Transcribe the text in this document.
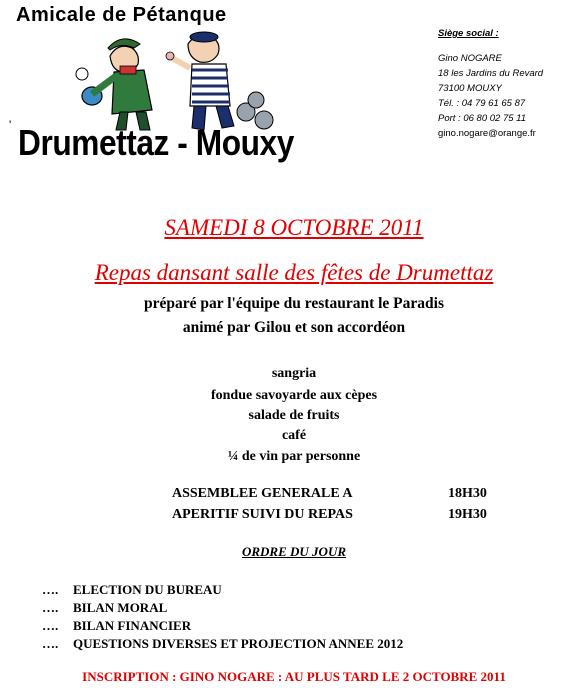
Amicale de Pétanque
' Drumettaz - Mouxy
Siège social :
Gino NOGARE
18 les Jardins du Revard
73100 MOUXY
Tél. : 04 79 61 65 87
Port : 06 80 02 75 11
gino.nogare@orange.fr
SAMEDI 8 OCTOBRE 2011
Repas dansant salle des fêtes de Drumettaz
préparé par l'équipe du restaurant le Paradis
animé par Gilou et son accordéon
sangria
fondue savoyarde aux cèpes
salade de fruits
café
¼ de vin par personne
ASSEMBLEE GENERALE A	18H30
APERITIF SUIVI DU REPAS	19H30
ORDRE DU JOUR
…. ELECTION DU BUREAU
…. BILAN MORAL
…. BILAN FINANCIER
…. QUESTIONS DIVERSES ET PROJECTION ANNEE 2012
INSCRIPTION : GINO NOGARE : AU PLUS TARD LE 2 OCTOBRE 2011
